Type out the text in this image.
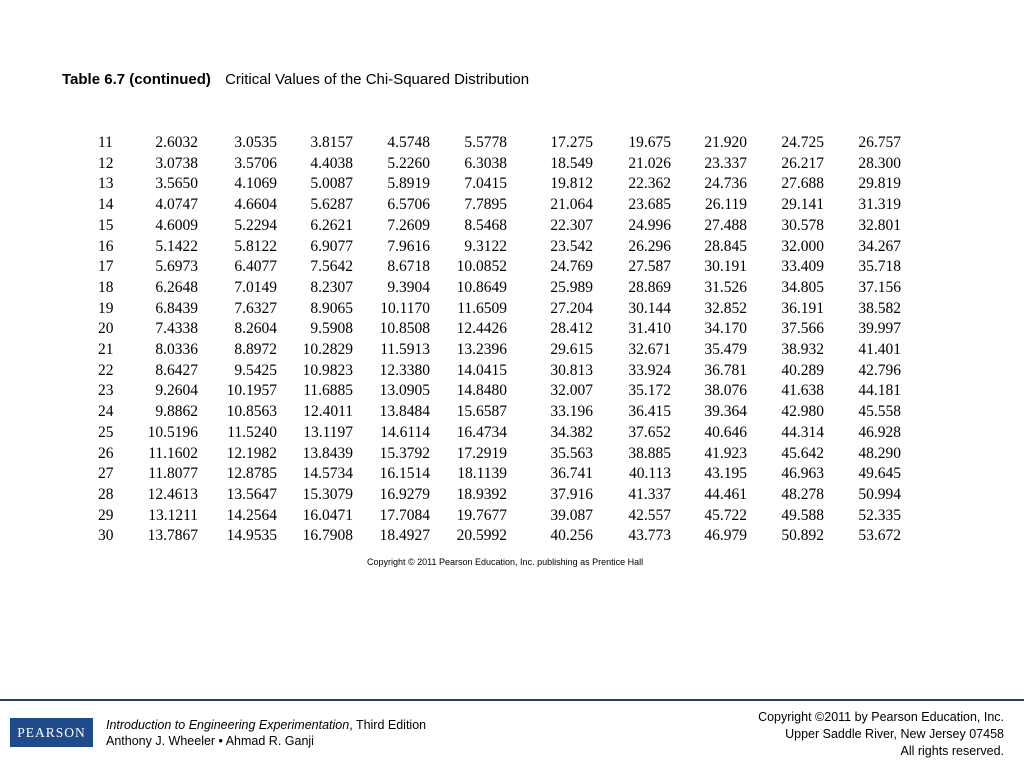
Table 6.7 (continued) Critical Values of the Chi-Squared Distribution
11	2.6032	3.0535	3.8157	4.5748	5.5778	17.275	19.675	21.920	24.725	26.757
12	3.0738	3.5706	4.4038	5.2260	6.3038	18.549	21.026	23.337	26.217	28.300
13	3.5650	4.1069	5.0087	5.8919	7.0415	19.812	22.362	24.736	27.688	29.819
14	4.0747	4.6604	5.6287	6.5706	7.7895	21.064	23.685	26.119	29.141	31.319
15	4.6009	5.2294	6.2621	7.2609	8.5468	22.307	24.996	27.488	30.578	32.801
16	5.1422	5.8122	6.9077	7.9616	9.3122	23.542	26.296	28.845	32.000	34.267
17	5.6973	6.4077	7.5642	8.6718	10.0852	24.769	27.587	30.191	33.409	35.718
18	6.2648	7.0149	8.2307	9.3904	10.8649	25.989	28.869	31.526	34.805	37.156
19	6.8439	7.6327	8.9065	10.1170	11.6509	27.204	30.144	32.852	36.191	38.582
20	7.4338	8.2604	9.5908	10.8508	12.4426	28.412	31.410	34.170	37.566	39.997
21	8.0336	8.8972	10.2829	11.5913	13.2396	29.615	32.671	35.479	38.932	41.401
22	8.6427	9.5425	10.9823	12.3380	14.0415	30.813	33.924	36.781	40.289	42.796
23	9.2604	10.1957	11.6885	13.0905	14.8480	32.007	35.172	38.076	41.638	44.181
24	9.8862	10.8563	12.4011	13.8484	15.6587	33.196	36.415	39.364	42.980	45.558
25	10.5196	11.5240	13.1197	14.6114	16.4734	34.382	37.652	40.646	44.314	46.928
26	11.1602	12.1982	13.8439	15.3792	17.2919	35.563	38.885	41.923	45.642	48.290
27	11.8077	12.8785	14.5734	16.1514	18.1139	36.741	40.113	43.195	46.963	49.645
28	12.4613	13.5647	15.3079	16.9279	18.9392	37.916	41.337	44.461	48.278	50.994
29	13.1211	14.2564	16.0471	17.7084	19.7677	39.087	42.557	45.722	49.588	52.335
30	13.7867	14.9535	16.7908	18.4927	20.5992	40.256	43.773	46.979	50.892	53.672
Copyright © 2011 Pearson Education, Inc. publishing as Prentice Hall
PEARSON Introduction to Engineering Experimentation, Third Edition
Anthony J. Wheeler • Ahmad R. Ganji
Copyright ©2011 by Pearson Education, Inc.
Upper Saddle River, New Jersey 07458
All rights reserved.
